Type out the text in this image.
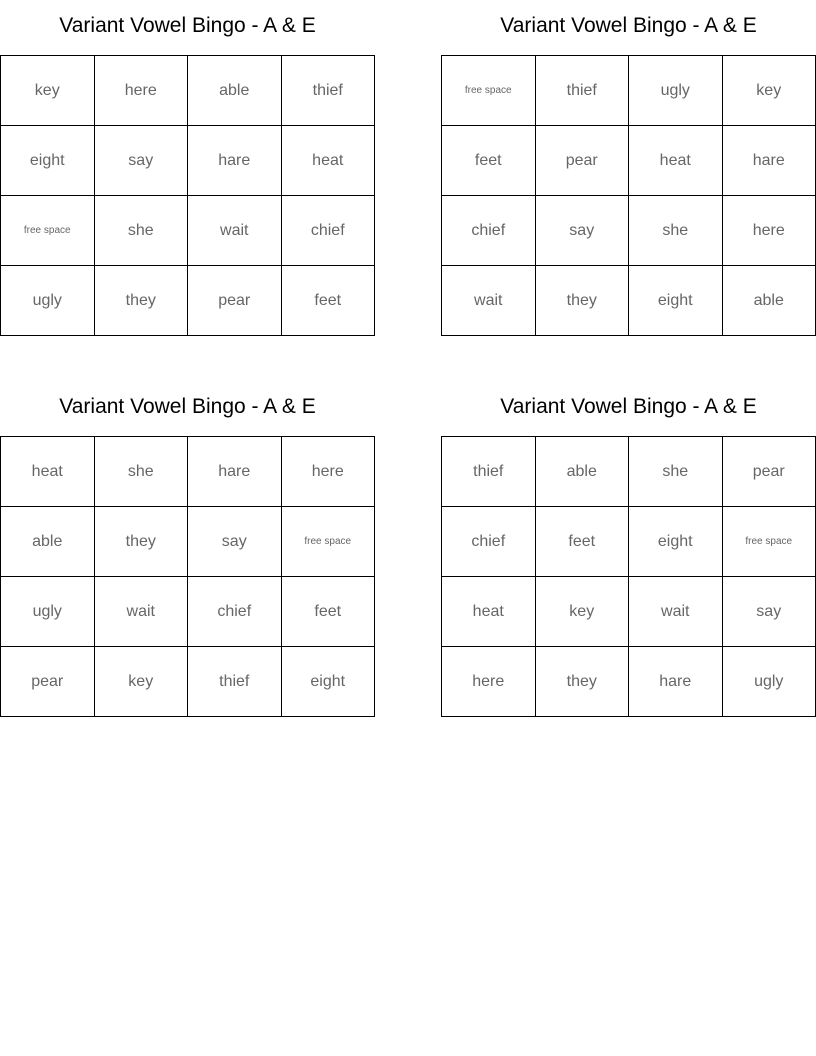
Variant Vowel Bingo - A & E
key	here	able	thief
eight	say	hare	heat
free space	she	wait	chief
ugly	they	pear	feet
Variant Vowel Bingo - A & E
free space	thief	ugly	key
feet	pear	heat	hare
chief	say	she	here
wait	they	eight	able
Variant Vowel Bingo - A & E
heat	she	hare	here
able	they	say	free space
ugly	wait	chief	feet
pear	key	thief	eight
Variant Vowel Bingo - A & E
thief	able	she	pear
chief	feet	eight	free space
heat	key	wait	say
here	they	hare	ugly
